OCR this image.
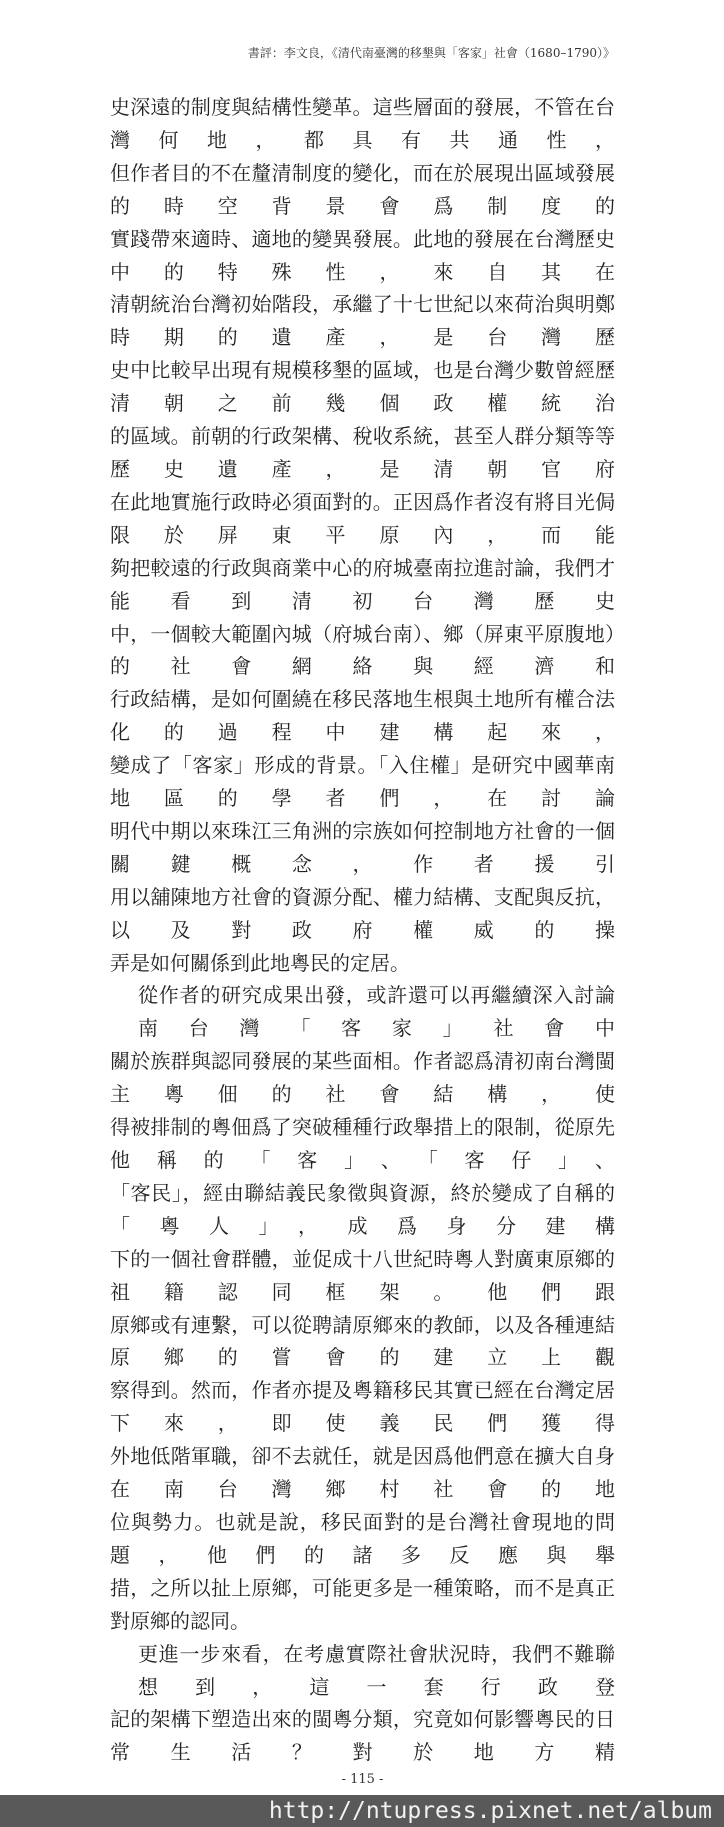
書評：李文良，《清代南臺灣的移墾與「客家」社會（1680–1790）》
史深遠的制度與結構性變革。這些層面的發展，不管在台灣何地，都具有共通性，
但作者目的不在釐清制度的變化，而在於展現出區域發展的時空背景會爲制度的
實踐帶來適時、適地的變異發展。此地的發展在台灣歷史中的特殊性，來自其在
清朝統治台灣初始階段，承繼了十七世紀以來荷治與明鄭時期的遺產，是台灣歷
史中比較早出現有規模移墾的區域，也是台灣少數曾經歷清朝之前幾個政權統治
的區域。前朝的行政架構、稅收系統，甚至人群分類等等歷史遺產，是清朝官府
在此地實施行政時必須面對的。正因爲作者沒有將目光侷限於屏東平原內，而能
夠把較遠的行政與商業中心的府城臺南拉進討論，我們才能看到清初台灣歷史
中，一個較大範圍內城（府城台南）、鄉（屏東平原腹地）的社會網絡與經濟和
行政結構，是如何圍繞在移民落地生根與土地所有權合法化的過程中建構起來，
變成了「客家」形成的背景。「入住權」是研究中國華南地區的學者們，在討論
明代中期以來珠江三角洲的宗族如何控制地方社會的一個關鍵概念，作者援引
用以舖陳地方社會的資源分配、權力結構、支配與反抗，以及對政府權威的操
弄是如何關係到此地粵民的定居。
從作者的研究成果出發，或許還可以再繼續深入討論南台灣「客家」社會中
關於族群與認同發展的某些面相。作者認爲清初南台灣閩主粵佃的社會結構，使
得被排制的粵佃爲了突破種種行政舉措上的限制，從原先他稱的「客」、「客仔」、
「客民」，經由聯結義民象徵與資源，終於變成了自稱的「粵人」，成爲身分建構
下的一個社會群體，並促成十八世紀時粵人對廣東原鄉的祖籍認同框架。他們跟
原鄉或有連繫，可以從聘請原鄉來的教師，以及各種連結原鄉的嘗會的建立上觀
察得到。然而，作者亦提及粵籍移民其實已經在台灣定居下來，即使義民們獲得
外地低階軍職，卻不去就任，就是因爲他們意在擴大自身在南台灣鄉村社會的地
位與勢力。也就是說，移民面對的是台灣社會現地的問題，他們的諸多反應與舉
措，之所以扯上原鄉，可能更多是一種策略，而不是真正對原鄉的認同。
更進一步來看，在考慮實際社會狀況時，我們不難聯想到，這一套行政登
記的架構下塑造出來的閩粵分類，究竟如何影響粵民的日常生活？對於地方精
- 115 -
http://ntupress.pixnet.net/album
